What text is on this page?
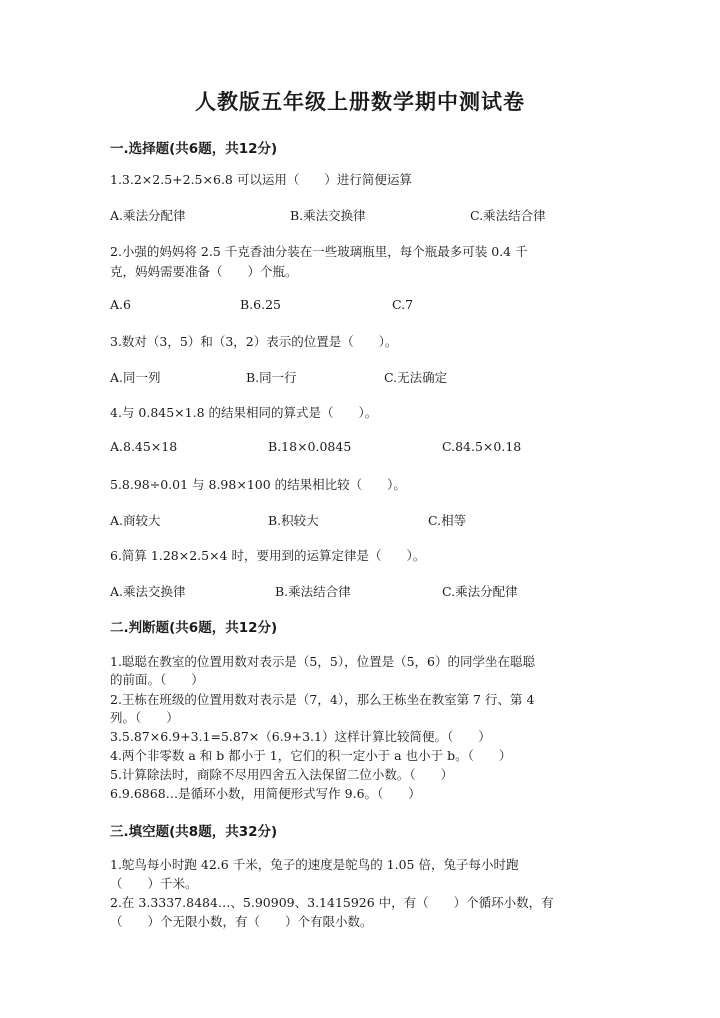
人教版五年级上册数学期中测试卷
一.选择题(共6题，共12分)
1.3.2×2.5+2.5×6.8 可以运用（　　）进行简便运算
A.乘法分配律	B.乘法交换律	C.乘法结合律
2.小强的妈妈将 2.5 千克香油分装在一些玻璃瓶里，每个瓶最多可装 0.4 千
克，妈妈需要准备（　　）个瓶。
A.6	B.6.25	C.7
3.数对（3，5）和（3，2）表示的位置是（　　）。
A.同一列	B.同一行	C.无法确定
4.与 0.845×1.8 的结果相同的算式是（　　）。
A.8.45×18	B.18×0.0845	C.84.5×0.18
5.8.98÷0.01 与 8.98×100 的结果相比较（　　）。
A.商较大	B.积较大	C.相等
6.简算 1.28×2.5×4 时，要用到的运算定律是（　　）。
A.乘法交换律	B.乘法结合律	C.乘法分配律
二.判断题(共6题，共12分)
1.聪聪在教室的位置用数对表示是（5，5），位置是（5，6）的同学坐在聪聪
的前面。（　　）
2.王栋在班级的位置用数对表示是（7，4），那么王栋坐在教室第 7 行、第 4
列。（　　）
3.5.87×6.9+3.1=5.87×（6.9+3.1）这样计算比较简便。（　　）
4.两个非零数 a 和 b 都小于 1，它们的积一定小于 a 也小于 b。（　　）
5.计算除法时，商除不尽用四舍五入法保留二位小数。（　　）
6.9.6868…是循环小数，用简便形式写作 9.6。（　　）
三.填空题(共8题，共32分)
1.鸵鸟每小时跑 42.6 千米，兔子的速度是鸵鸟的 1.05 倍，兔子每小时跑
（　　）千米。
2.在 3.3337.8484…、5.90909、3.1415926 中，有（　　）个循环小数，有
（　　）个无限小数，有（　　）个有限小数。
